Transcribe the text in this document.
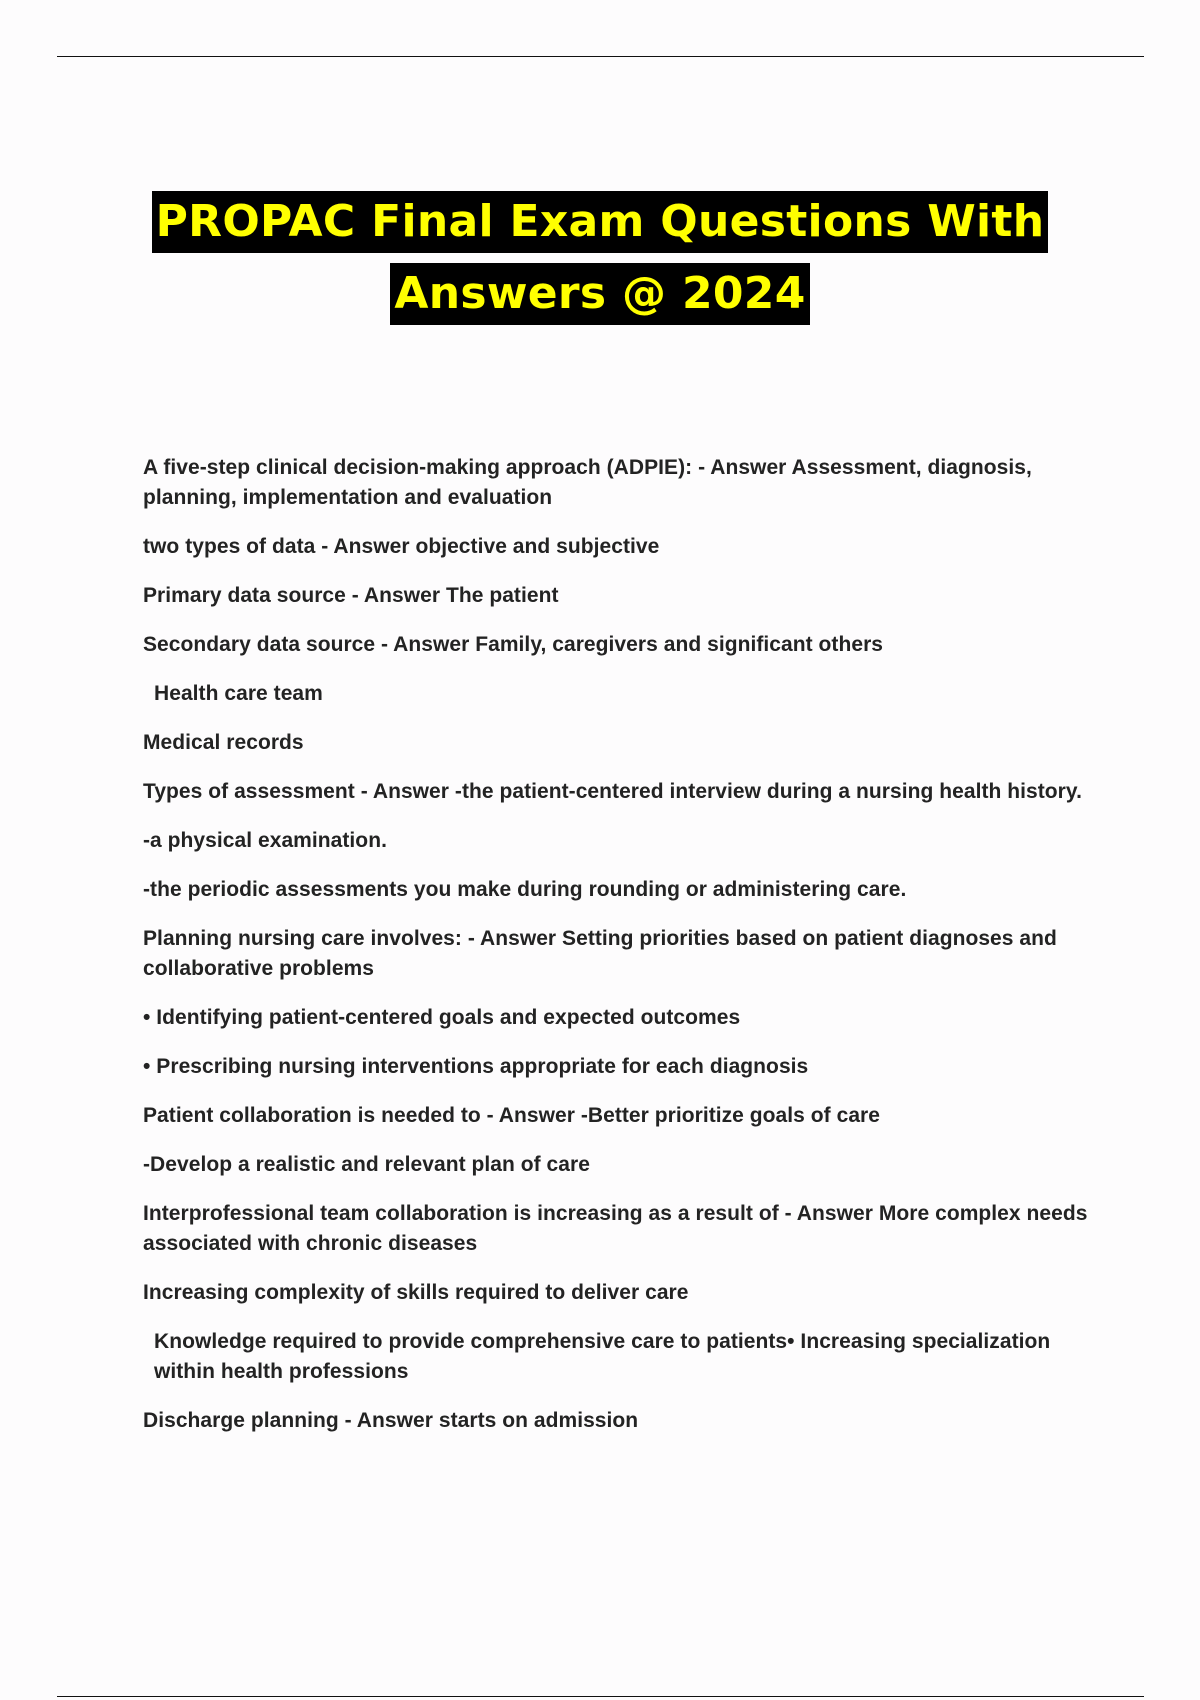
PROPAC Final Exam Questions With
Answers @ 2024

A five-step clinical decision-making approach (ADPIE): - Answer Assessment, diagnosis, planning, implementation and evaluation

two types of data - Answer objective and subjective

Primary data source - Answer The patient

Secondary data source - Answer Family, caregivers and significant others

Health care team

Medical records

Types of assessment - Answer -the patient-centered interview during a nursing health history.

-a physical examination.

-the periodic assessments you make during rounding or administering care.

Planning nursing care involves: - Answer Setting priorities based on patient diagnoses and collaborative problems

• Identifying patient-centered goals and expected outcomes

• Prescribing nursing interventions appropriate for each diagnosis

Patient collaboration is needed to - Answer -Better prioritize goals of care

-Develop a realistic and relevant plan of care

Interprofessional team collaboration is increasing as a result of - Answer More complex needs associated with chronic diseases

Increasing complexity of skills required to deliver care

Knowledge required to provide comprehensive care to patients• Increasing specialization within health professions

Discharge planning - Answer starts on admission
